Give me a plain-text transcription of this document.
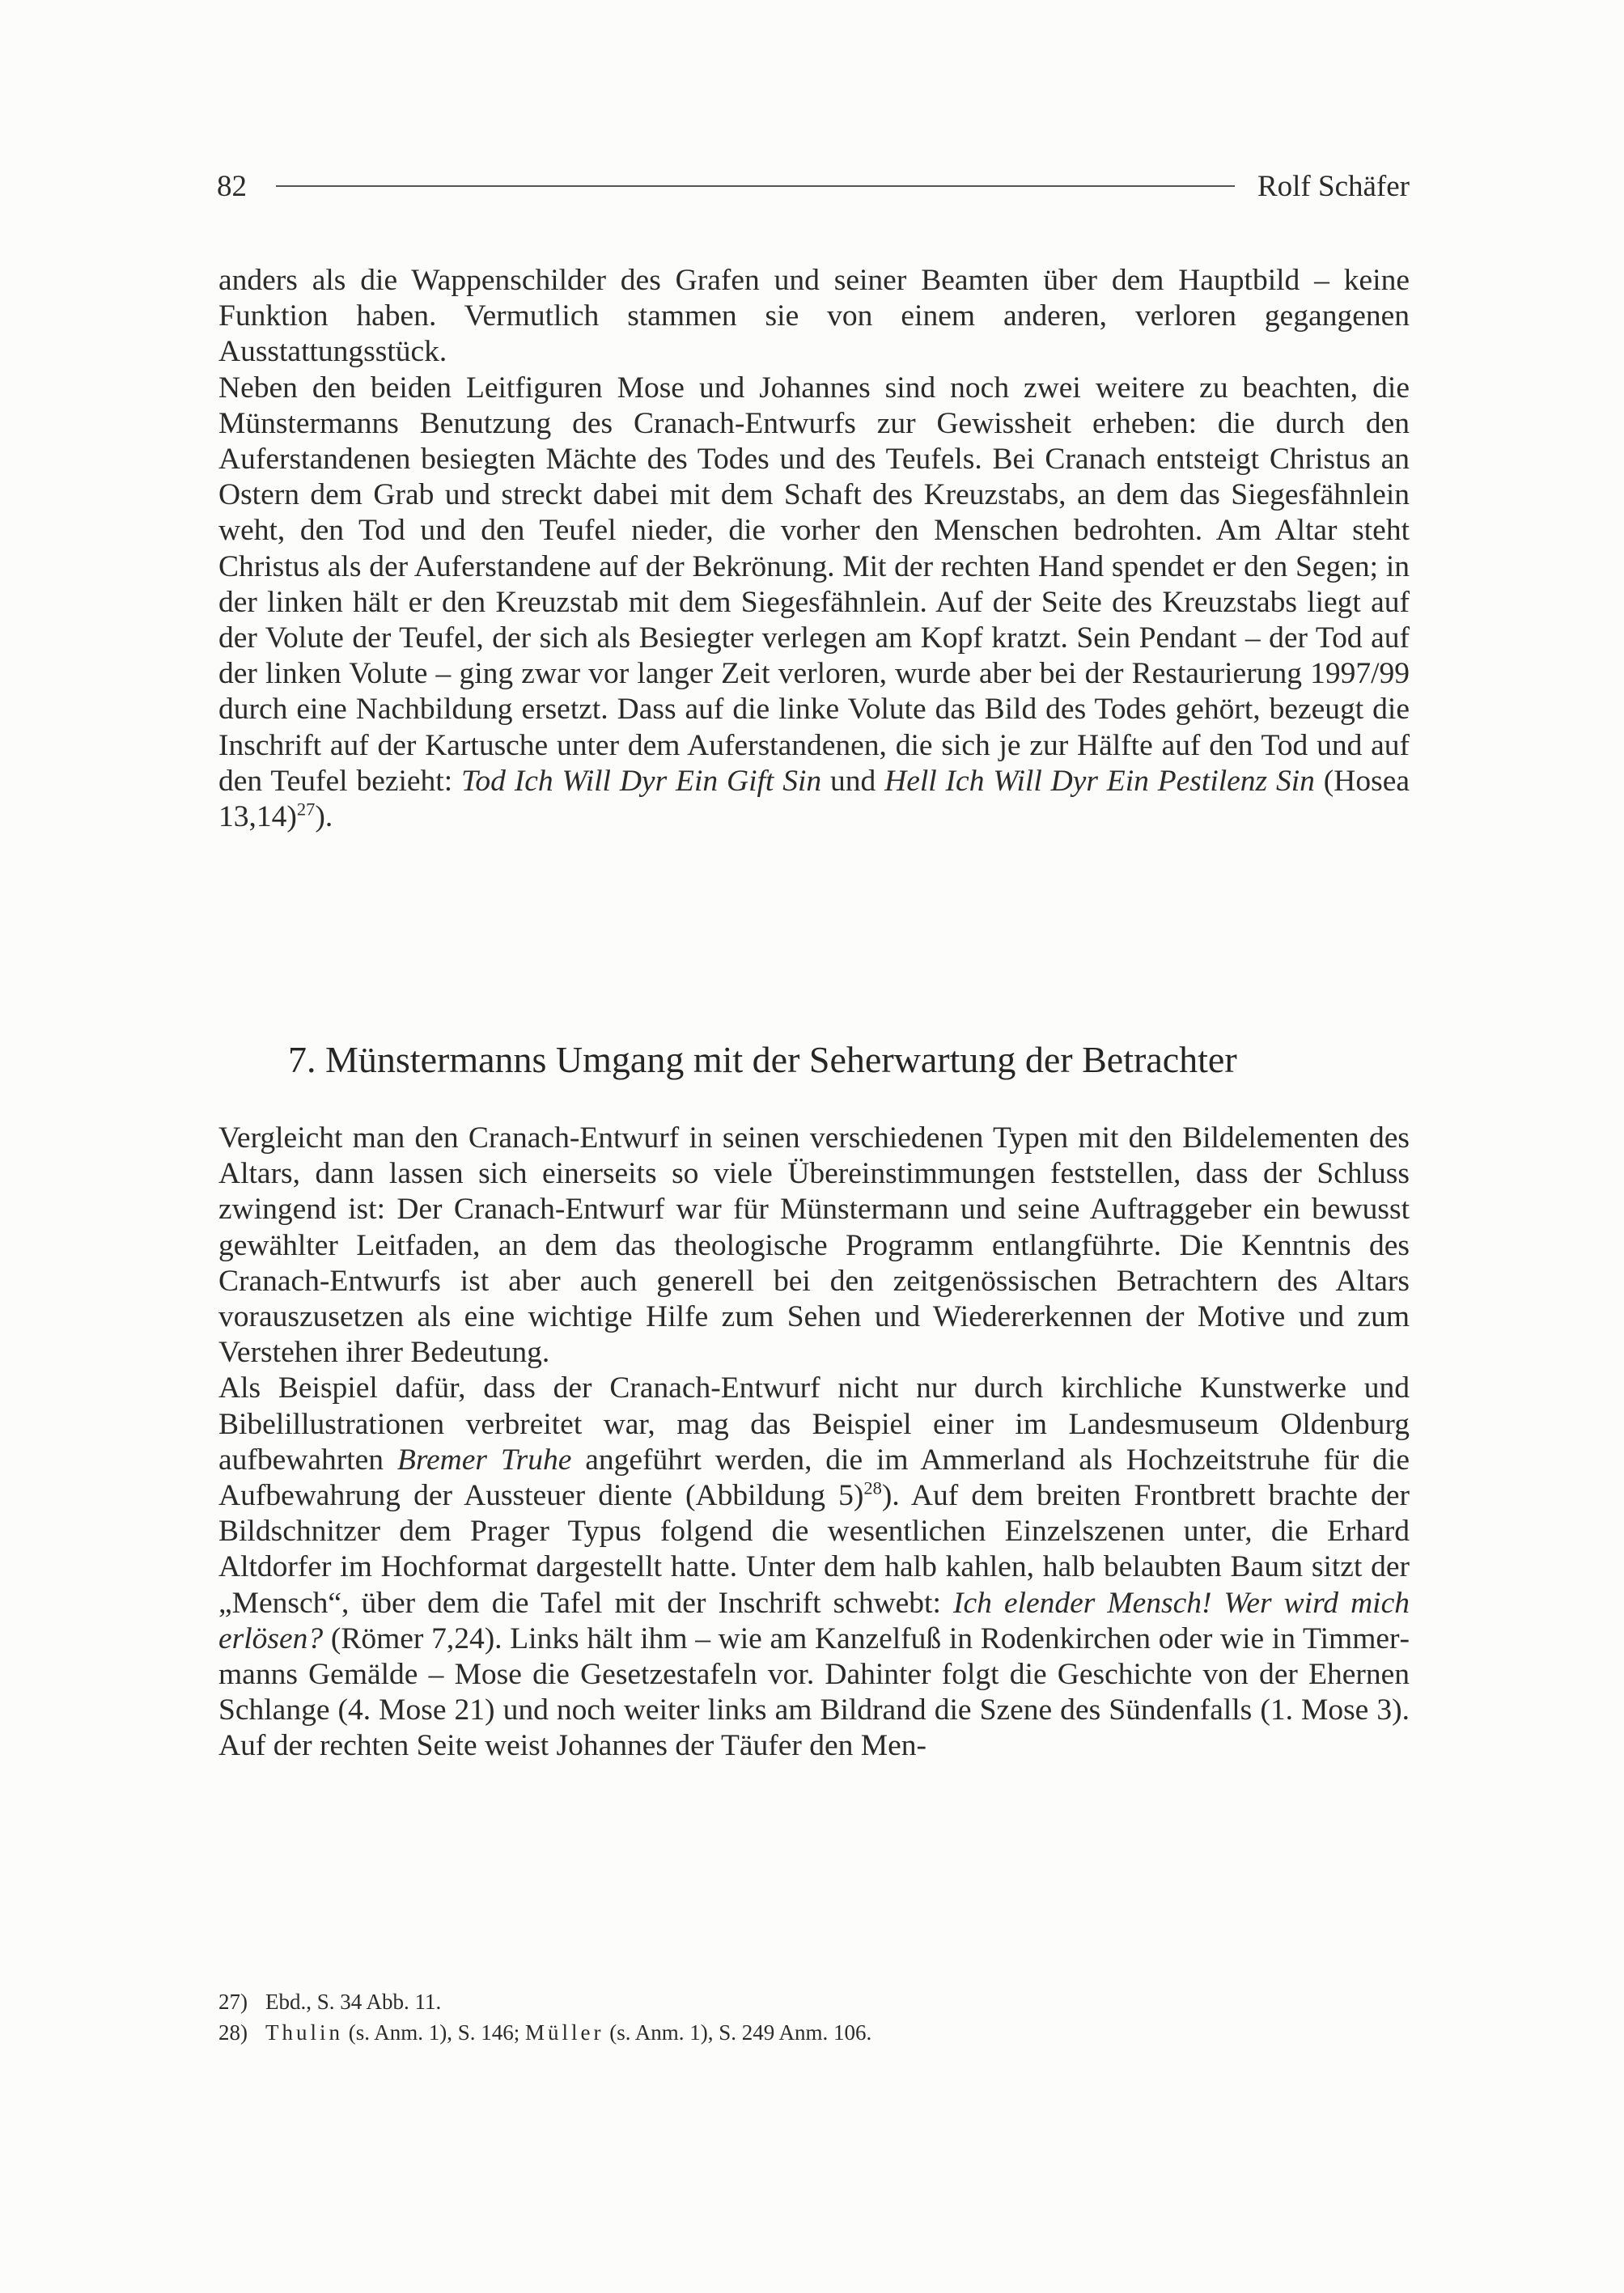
82	Rolf Schäfer

anders als die Wappenschilder des Grafen und seiner Beamten über dem Hauptbild – keine Funktion haben. Vermutlich stammen sie von einem anderen, verloren gegangenen Ausstattungsstück.

Neben den beiden Leitfiguren Mose und Johannes sind noch zwei weitere zu beachten, die Münstermanns Benutzung des Cranach-Entwurfs zur Gewissheit erheben: die durch den Auferstandenen besiegten Mächte des Todes und des Teufels. Bei Cranach entsteigt Christus an Ostern dem Grab und streckt dabei mit dem Schaft des Kreuzstabs, an dem das Siegesfähnlein weht, den Tod und den Teufel nieder, die vorher den Menschen bedrohten. Am Altar steht Christus als der Auferstandene auf der Bekrönung. Mit der rechten Hand spendet er den Segen; in der linken hält er den Kreuzstab mit dem Siegesfähnlein. Auf der Seite des Kreuzstabs liegt auf der Volute der Teufel, der sich als Besiegter verlegen am Kopf kratzt. Sein Pendant – der Tod auf der linken Volute – ging zwar vor langer Zeit verloren, wurde aber bei der Restaurierung 1997/99 durch eine Nachbildung ersetzt. Dass auf die linke Volute das Bild des Todes gehört, bezeugt die Inschrift auf der Kartusche unter dem Auferstandenen, die sich je zur Hälfte auf den Tod und auf den Teufel bezieht: Tod Ich Will Dyr Ein Gift Sin und Hell Ich Will Dyr Ein Pestilenz Sin (Hosea 13,14)$^{27}$).

7. Münstermanns Umgang mit der Seherwartung der Betrachter

Vergleicht man den Cranach-Entwurf in seinen verschiedenen Typen mit den Bildelementen des Altars, dann lassen sich einerseits so viele Übereinstimmungen feststellen, dass der Schluss zwingend ist: Der Cranach-Entwurf war für Münstermann und seine Auftraggeber ein bewusst gewählter Leitfaden, an dem das theologische Programm entlangführte. Die Kenntnis des Cranach-Entwurfs ist aber auch generell bei den zeitgenössischen Betrachtern des Altars vorauszusetzen als eine wichtige Hilfe zum Sehen und Wiedererkennen der Motive und zum Verstehen ihrer Bedeutung.

Als Beispiel dafür, dass der Cranach-Entwurf nicht nur durch kirchliche Kunstwerke und Bibelillustrationen verbreitet war, mag das Beispiel einer im Landesmuseum Oldenburg aufbewahrten Bremer Truhe angeführt werden, die im Ammerland als Hochzeitstruhe für die Aufbewahrung der Aussteuer diente (Abbildung 5)$^{28}$). Auf dem breiten Frontbrett brachte der Bildschnitzer dem Prager Typus folgend die wesentlichen Einzelszenen unter, die Erhard Altdorfer im Hochformat dargestellt hatte. Unter dem halb kahlen, halb belaubten Baum sitzt der „Mensch“, über dem die Tafel mit der Inschrift schwebt: Ich elender Mensch! Wer wird mich erlösen? (Römer 7,24). Links hält ihm – wie am Kanzelfuß in Rodenkirchen oder wie in Timmermanns Gemälde – Mose die Gesetzestafeln vor. Dahinter folgt die Geschichte von der Ehernen Schlange (4. Mose 21) und noch weiter links am Bildrand die Szene des Sündenfalls (1. Mose 3). Auf der rechten Seite weist Johannes der Täufer den Men-

27) Ebd., S. 34 Abb. 11.
28) Thulin (s. Anm. 1), S. 146; Müller (s. Anm. 1), S. 249 Anm. 106.
